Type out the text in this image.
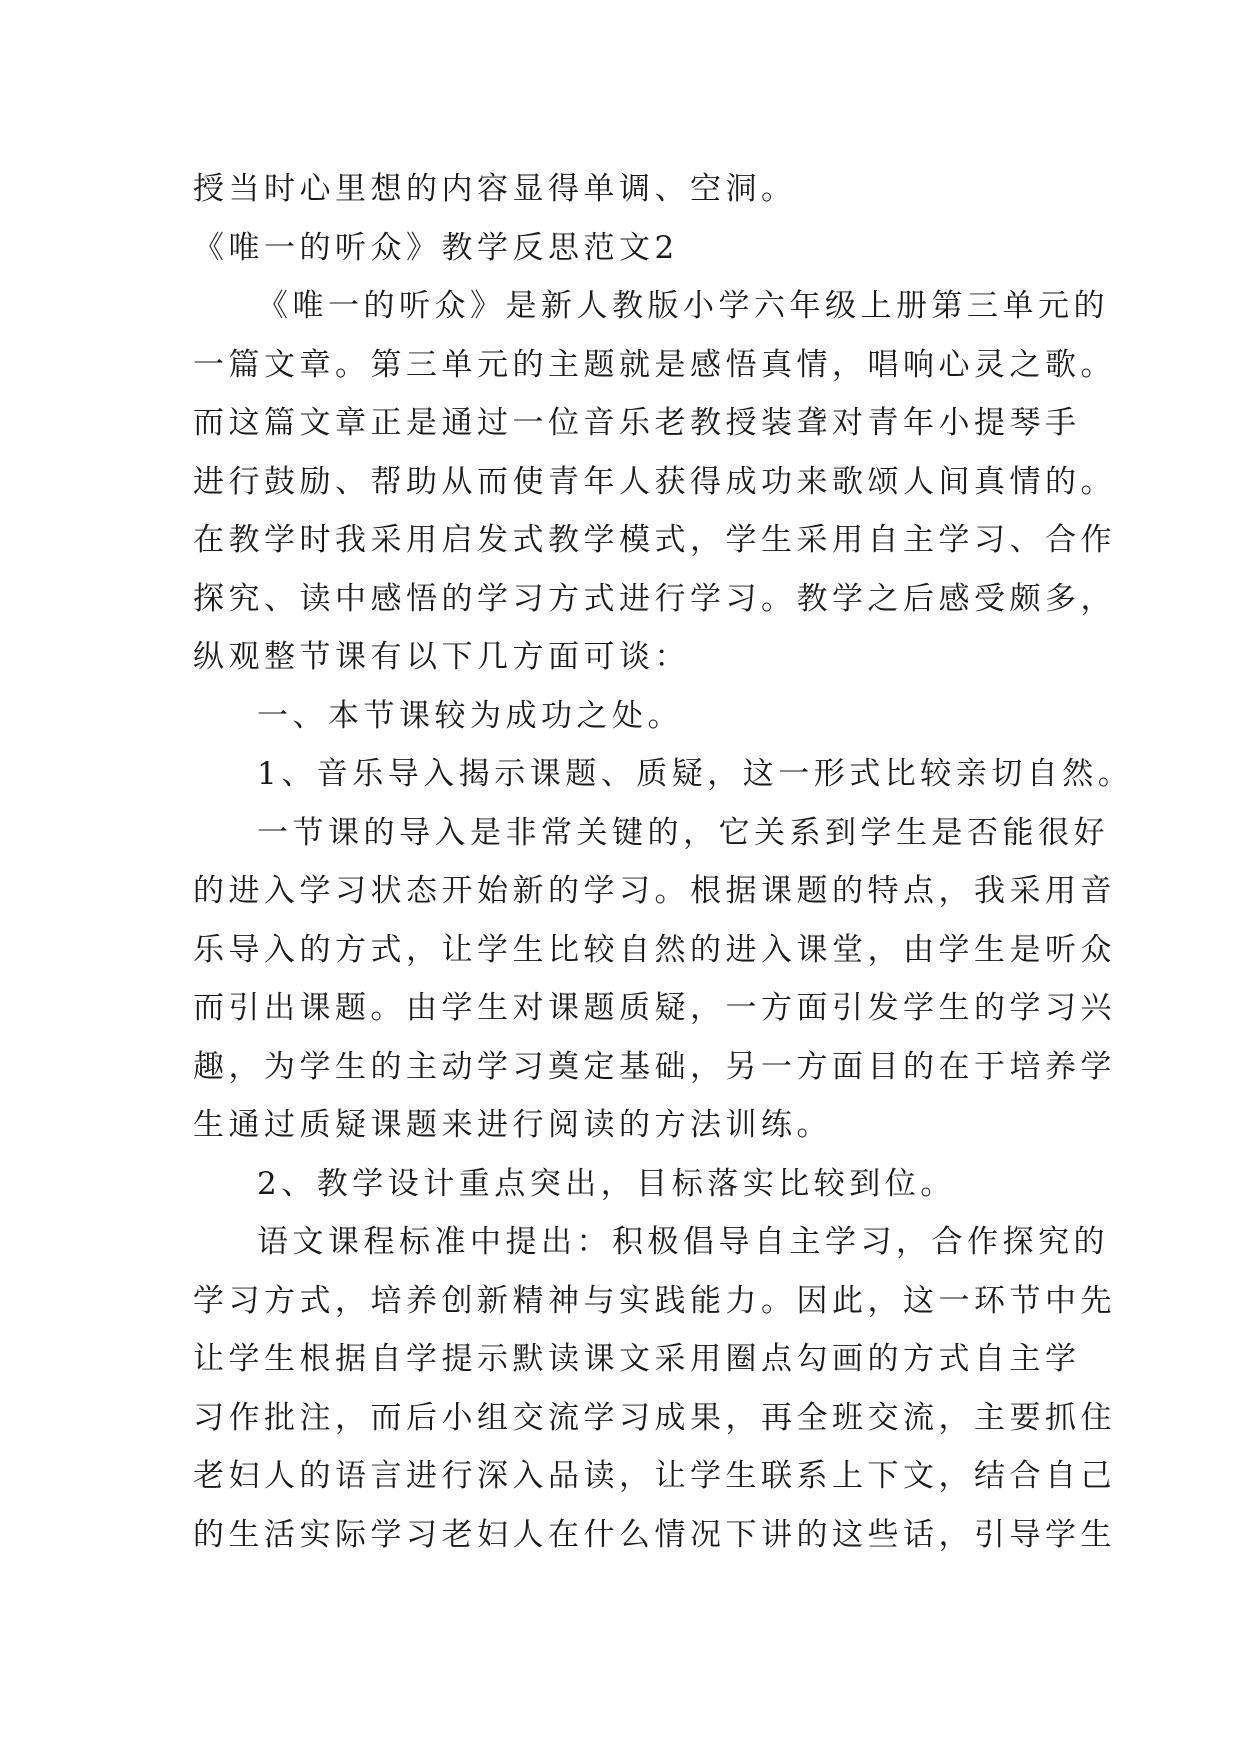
授当时心里想的内容显得单调、空洞。
《唯一的听众》教学反思范文2
《唯一的听众》是新人教版小学六年级上册第三单元的
一篇文章。第三单元的主题就是感悟真情，唱响心灵之歌。
而这篇文章正是通过一位音乐老教授装聋对青年小提琴手
进行鼓励、帮助从而使青年人获得成功来歌颂人间真情的。
在教学时我采用启发式教学模式，学生采用自主学习、合作
探究、读中感悟的学习方式进行学习。教学之后感受颇多，
纵观整节课有以下几方面可谈：
一、本节课较为成功之处。
1、音乐导入揭示课题、质疑，这一形式比较亲切自然。
一节课的导入是非常关键的，它关系到学生是否能很好
的进入学习状态开始新的学习。根据课题的特点，我采用音
乐导入的方式，让学生比较自然的进入课堂，由学生是听众
而引出课题。由学生对课题质疑，一方面引发学生的学习兴
趣，为学生的主动学习奠定基础，另一方面目的在于培养学
生通过质疑课题来进行阅读的方法训练。
2、教学设计重点突出，目标落实比较到位。
语文课程标准中提出：积极倡导自主学习，合作探究的
学习方式，培养创新精神与实践能力。因此，这一环节中先
让学生根据自学提示默读课文采用圈点勾画的方式自主学
习作批注，而后小组交流学习成果，再全班交流，主要抓住
老妇人的语言进行深入品读，让学生联系上下文，结合自己
的生活实际学习老妇人在什么情况下讲的这些话，引导学生
